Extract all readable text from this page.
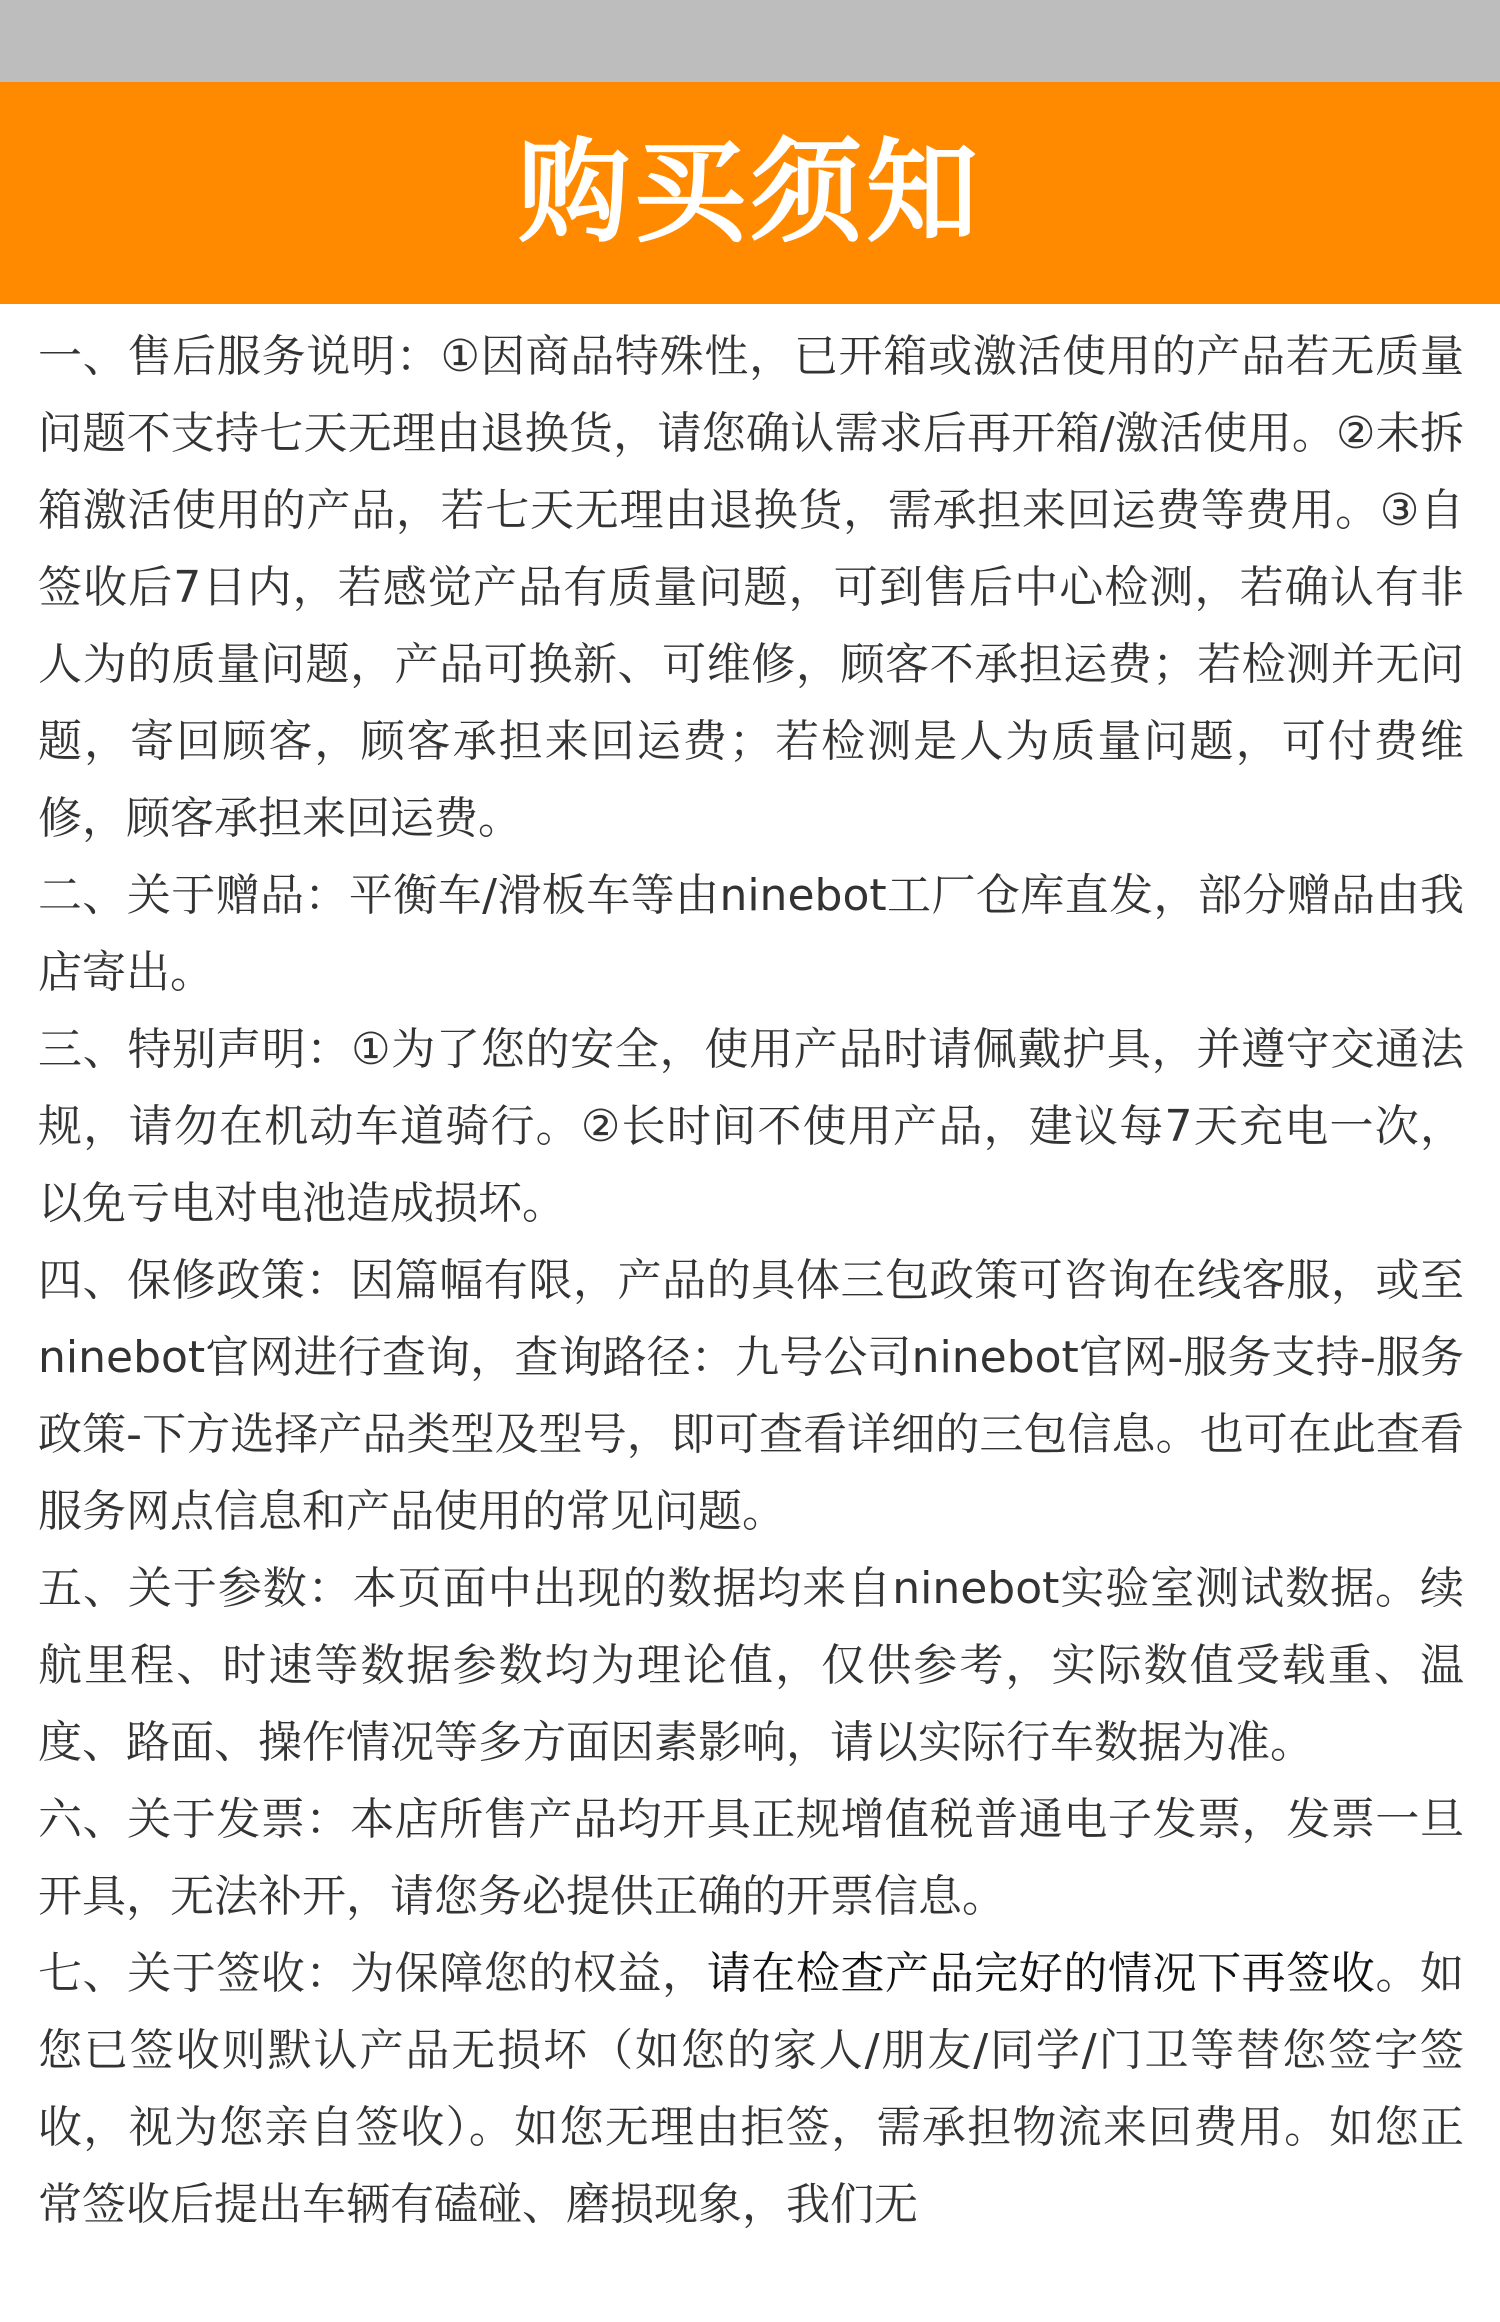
购买须知

一、售后服务说明：①因商品特殊性，已开箱或激活使用的产品若无质量问题不支持七天无理由退换货，请您确认需求后再开箱/激活使用。②未拆箱激活使用的产品，若七天无理由退换货，需承担来回运费等费用。③自签收后7日内，若感觉产品有质量问题，可到售后中心检测，若确认有非人为的质量问题，产品可换新、可维修，顾客不承担运费；若检测并无问题，寄回顾客，顾客承担来回运费；若检测是人为质量问题，可付费维修，顾客承担来回运费。

二、关于赠品：平衡车/滑板车等由ninebot工厂仓库直发，部分赠品由我店寄出。

三、特别声明：①为了您的安全，使用产品时请佩戴护具，并遵守交通法规，请勿在机动车道骑行。②长时间不使用产品，建议每7天充电一次，以免亏电对电池造成损坏。

四、保修政策：因篇幅有限，产品的具体三包政策可咨询在线客服，或至ninebot官网进行查询，查询路径：九号公司ninebot官网-服务支持-服务政策-下方选择产品类型及型号，即可查看详细的三包信息。也可在此查看服务网点信息和产品使用的常见问题。

五、关于参数：本页面中出现的数据均来自ninebot实验室测试数据。续航里程、时速等数据参数均为理论值，仅供参考，实际数值受载重、温度、路面、操作情况等多方面因素影响，请以实际行车数据为准。

六、关于发票：本店所售产品均开具正规增值税普通电子发票，发票一旦开具，无法补开，请您务必提供正确的开票信息。

七、关于签收：为保障您的权益，请在检查产品完好的情况下再签收。如您已签收则默认产品无损坏（如您的家人/朋友/同学/门卫等替您签字签收，视为您亲自签收）。如您无理由拒签，需承担物流来回费用。如您正常签收后提出车辆有磕碰、磨损现象，我们无
